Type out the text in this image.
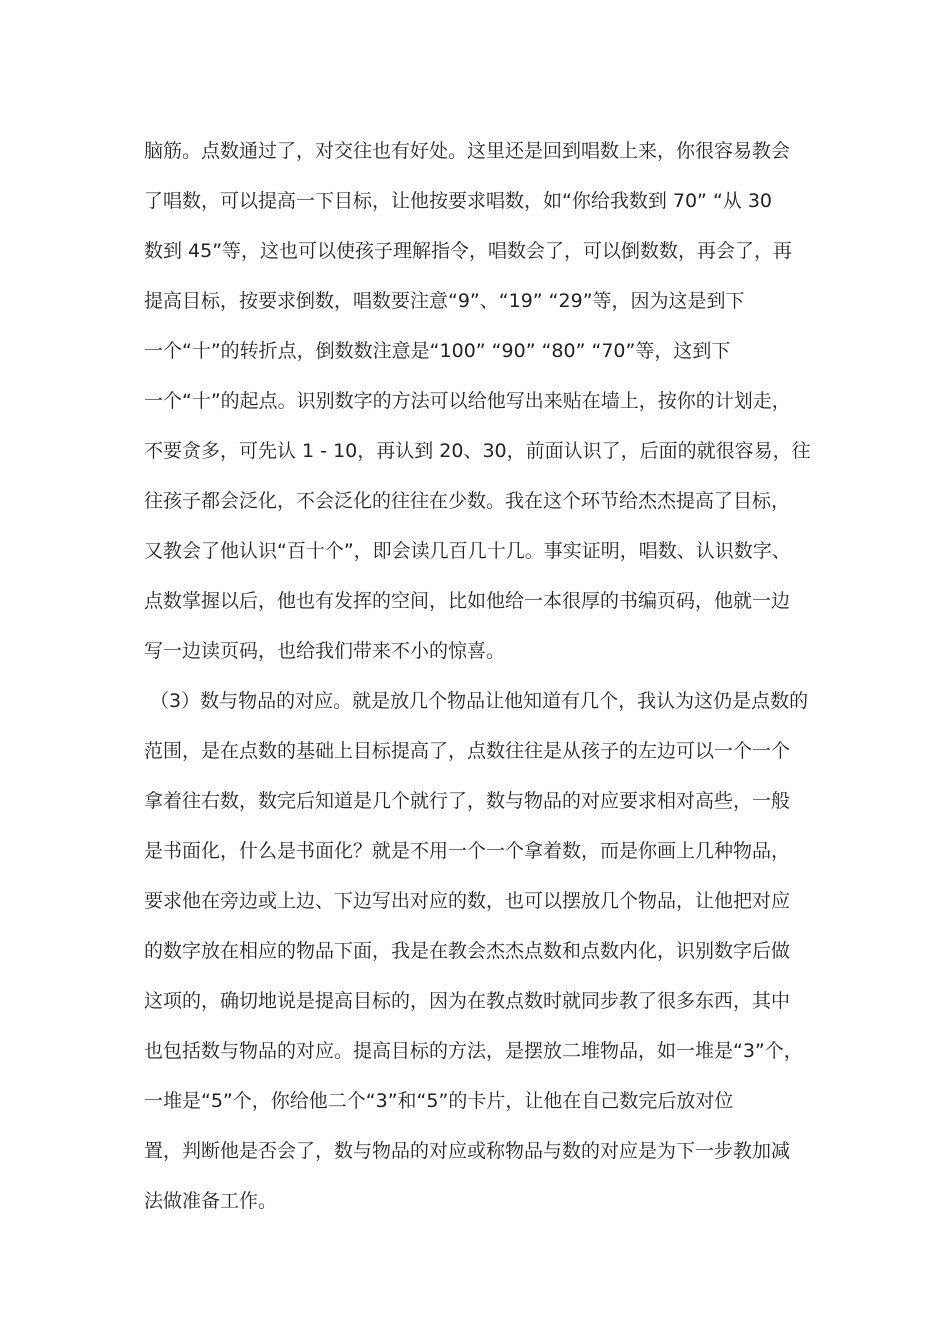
脑筋。点数通过了，对交往也有好处。这里还是回到唱数上来，你很容易教会
了唱数，可以提高一下目标，让他按要求唱数，如“你给我数到 70” “从 30
数到 45”等，这也可以使孩子理解指令，唱数会了，可以倒数数，再会了，再
提高目标，按要求倒数，唱数要注意“9”、“19” “29”等，因为这是到下
一个“十”的转折点，倒数数注意是“100” “90” “80” “70”等，这到下
一个“十”的起点。识别数字的方法可以给他写出来贴在墙上，按你的计划走，
不要贪多，可先认 1 - 10，再认到 20、30，前面认识了，后面的就很容易，往
往孩子都会泛化，不会泛化的往往在少数。我在这个环节给杰杰提高了目标，
又教会了他认识“百十个”，即会读几百几十几。事实证明，唱数、认识数字、
点数掌握以后，他也有发挥的空间，比如他给一本很厚的书编页码，他就一边
写一边读页码，也给我们带来不小的惊喜。
（3）数与物品的对应。就是放几个物品让他知道有几个，我认为这仍是点数的
范围，是在点数的基础上目标提高了，点数往往是从孩子的左边可以一个一个
拿着往右数，数完后知道是几个就行了，数与物品的对应要求相对高些，一般
是书面化，什么是书面化？就是不用一个一个拿着数，而是你画上几种物品，
要求他在旁边或上边、下边写出对应的数，也可以摆放几个物品，让他把对应
的数字放在相应的物品下面，我是在教会杰杰点数和点数内化，识别数字后做
这项的，确切地说是提高目标的，因为在教点数时就同步教了很多东西，其中
也包括数与物品的对应。提高目标的方法，是摆放二堆物品，如一堆是“3”个，
一堆是“5”个，你给他二个“3”和“5”的卡片，让他在自己数完后放对位
置，判断他是否会了，数与物品的对应或称物品与数的对应是为下一步教加减
法做准备工作。
